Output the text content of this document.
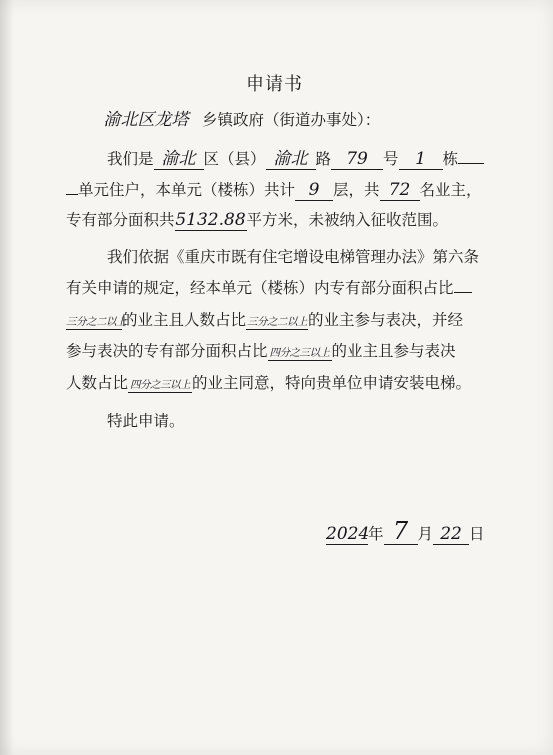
申请书
渝北区龙塔 乡镇政府（街道办事处）：
我们是 渝北 区（县） 渝北 路 79 号 1 栋
单元住户，本单元（楼栋）共计 9 层，共 72 名业主，
专有部分面积共5132.88平方米，未被纳入征收范围。
我们依据《重庆市既有住宅增设电梯管理办法》第六条
有关申请的规定，经本单元（楼栋）内专有部分面积占比
三分之二以上的业主且人数占比三分之二以上的业主参与表决，并经
参与表决的专有部分面积占比 四分之三以上 的业主且参与表决
人数占比 四分之三以上 的业主同意，特向贵单位申请安装电梯。
特此申请。
2024年 7 月 22 日
